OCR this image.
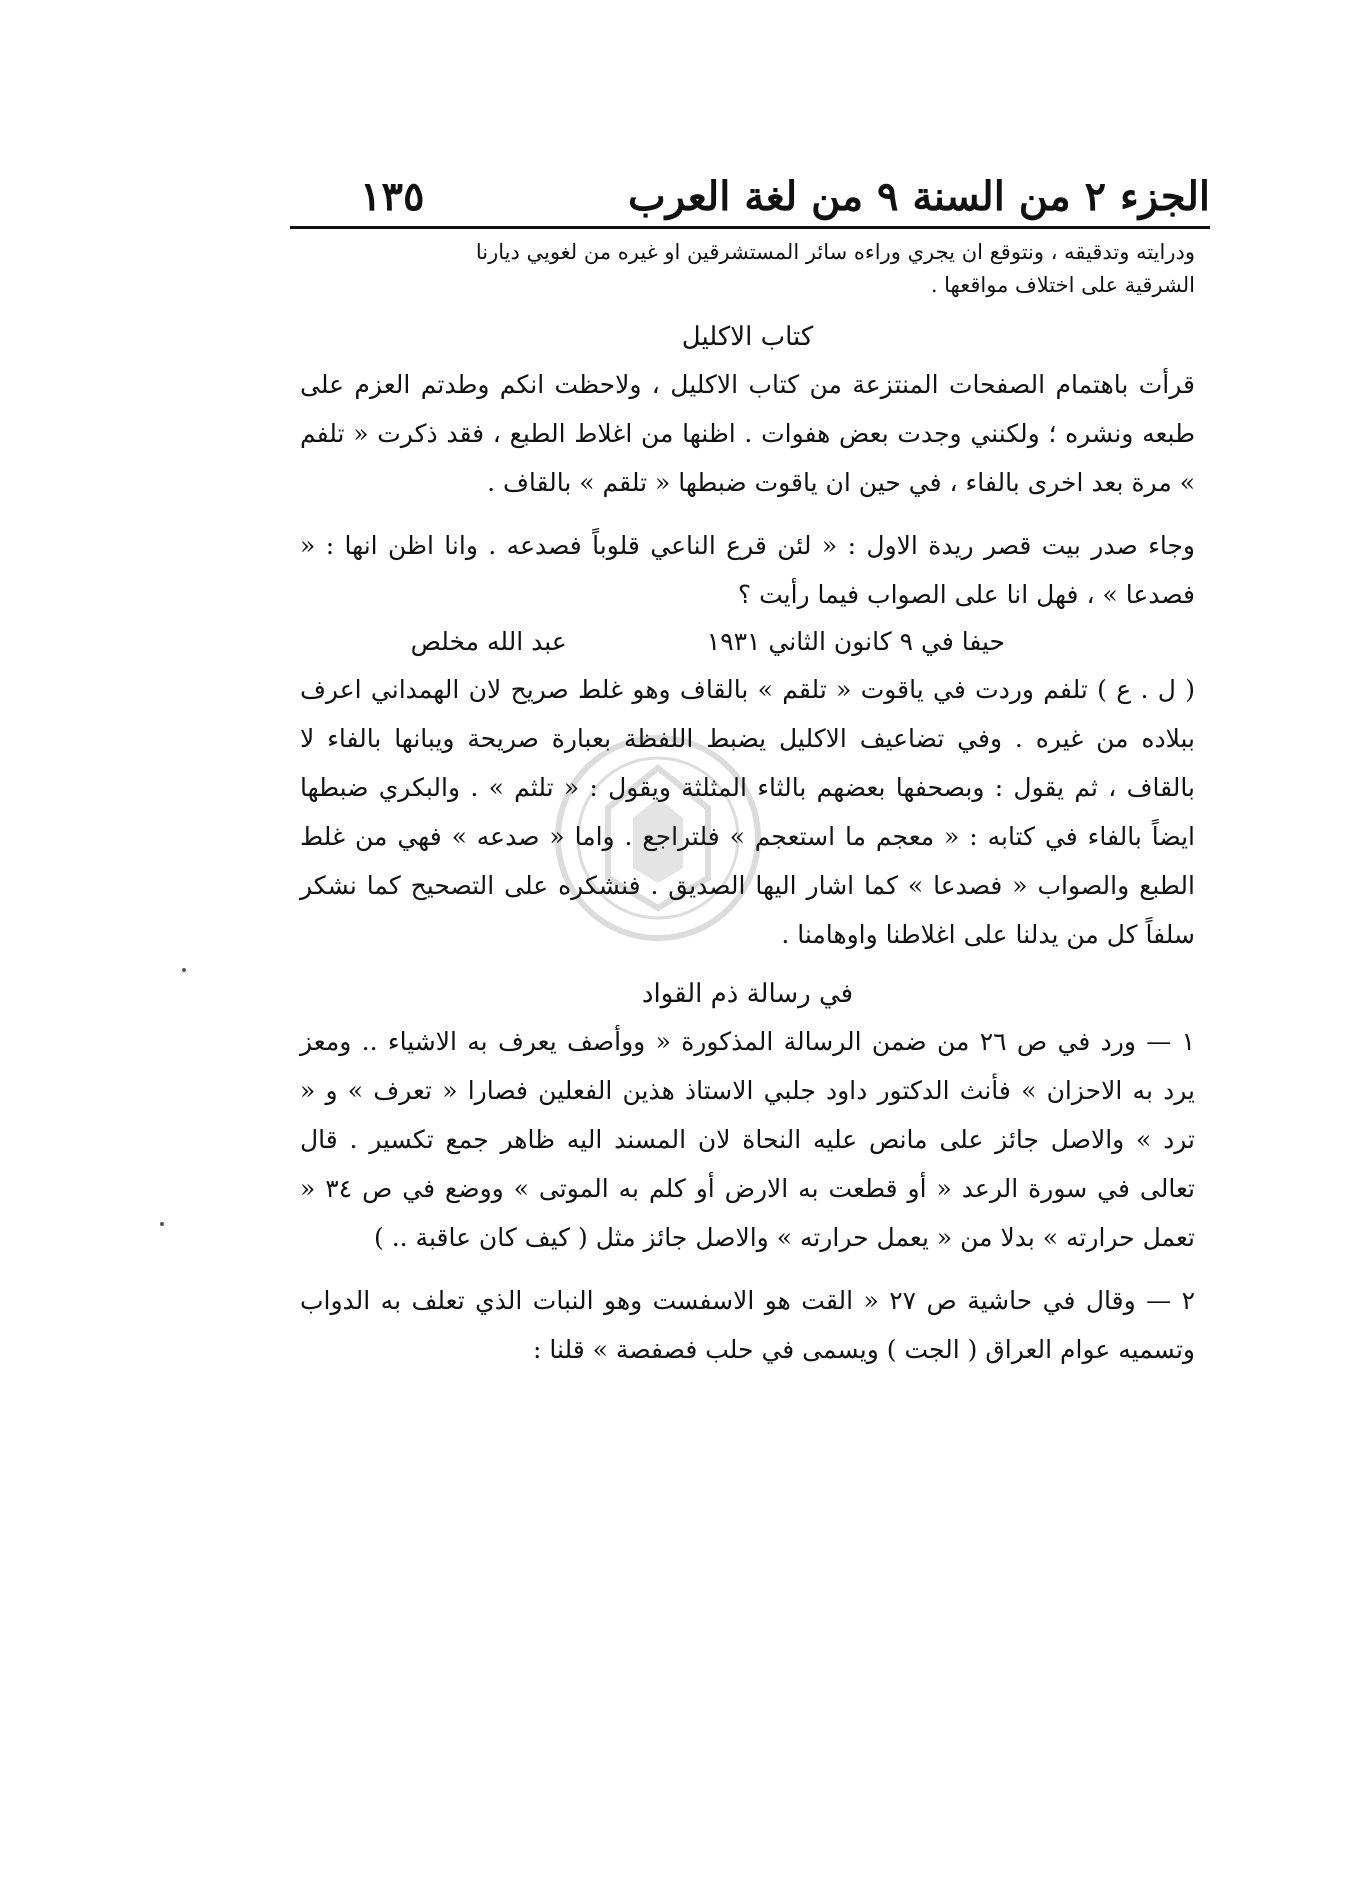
الجزء ٢ من السنة ٩ من لغة العرب
١٣٥
ودرايته وتدقيقه ، ونتوقع ان يجري وراءه سائر المستشرقين او غيره من لغويي ديارنا
الشرقية على اختلاف مواقعها .
كتاب الاكليل

قرأت باهتمام الصفحات المنتزعة من كتاب الاكليل ، ولاحظت انكم وطدتم العزم على طبعه ونشره ؛ ولكنني وجدت بعض هفوات . اظنها من اغلاط الطبع ، فقد ذكرت « تلفم » مرة بعد اخرى بالفاء ، في حين ان ياقوت ضبطها « تلقم » بالقاف .

وجاء صدر بيت قصر ريدة الاول : « لئن قرع الناعي قلوباً فصدعه . وانا اظن انها : « فصدعا » ، فهل انا على الصواب فيما رأيت ؟

حيفا في ٩ كانون الثاني ١٩٣١
عبد الله مخلص

( ل . ع ) تلفم وردت في ياقوت « تلقم » بالقاف وهو غلط صريح لان الهمداني اعرف ببلاده من غيره . وفي تضاعيف الاكليل يضبط اللفظة بعبارة صريحة ويبانها بالفاء لا بالقاف ، ثم يقول : وبصحفها بعضهم بالثاء المثلثة ويقول : « تلثم » . والبكري ضبطها ايضاً بالفاء في كتابه : « معجم ما استعجم » فلتراجع . واما « صدعه » فهي من غلط الطبع والصواب « فصدعا » كما اشار اليها الصديق . فنشكره على التصحيح كما نشكر سلفاً كل من يدلنا على اغلاطنا واوهامنا .

في رسالة ذم القواد

١ — ورد في ص ٢٦ من ضمن الرسالة المذكورة « ووأصف يعرف به الاشياء .. ومعز يرد به الاحزان » فأنث الدكتور داود جلبي الاستاذ هذين الفعلين فصارا « تعرف » و « ترد » والاصل جائز على مانص عليه النحاة لان المسند اليه ظاهر جمع تكسير . قال تعالى في سورة الرعد « أو قطعت به الارض أو كلم به الموتى » ووضع في ص ٣٤ « تعمل حرارته » بدلا من « يعمل حرارته » والاصل جائز مثل ( كيف كان عاقبة .. )

٢ — وقال في حاشية ص ٢٧ « القت هو الاسفست وهو النبات الذي تعلف به الدواب وتسميه عوام العراق ( الجت ) ويسمى في حلب فصفصة » قلنا :
